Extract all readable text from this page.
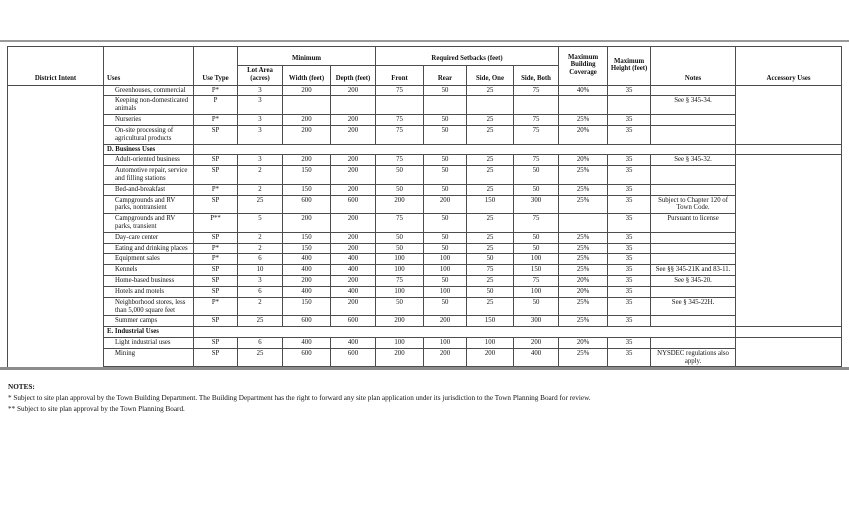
District Intent	Uses	Use Type	Minimum			Required Setbacks (feet)				Maximum Building Coverage	Maximum Height (feet)	Notes	Accessory Uses
			Lot Area (acres)	Width (feet)	Depth (feet)	Front	Rear	Side, One	Side, Both				
	Greenhouses, commercial	P*	3	200	200	75	50	25	75	40%	35		
	Keeping non-domesticated animals	P	3									See § 345-34.	
	Nurseries	P*	3	200	200	75	50	25	75	25%	35		
	On-site processing of agricultural products	SP	3	200	200	75	50	25	75	20%	35		
	D. Business Uses												
	Adult-oriented business	SP	3	200	200	75	50	25	75	20%	35	See § 345-32.	
	Automotive repair, service and filling stations	SP	2	150	200	50	50	25	50	25%	35		
	Bed-and-breakfast	P*	2	150	200	50	50	25	50	25%	35		
	Campgrounds and RV parks, nontransient	SP	25	600	600	200	200	150	300	25%	35	Subject to Chapter 120 of Town Code.	
	Campgrounds and RV parks, transient	P**	5	200	200	75	50	25	75		35	Pursuant to license	
	Day-care center	SP	2	150	200	50	50	25	50	25%	35		
	Eating and drinking places	P*	2	150	200	50	50	25	50	25%	35		
	Equipment sales	P*	6	400	400	100	100	50	100	25%	35		
	Kennels	SP	10	400	400	100	100	75	150	25%	35	See §§ 345-21K and 83-11.	
	Home-based business	SP	3	200	200	75	50	25	75	20%	35	See § 345-20.	
	Hotels and motels	SP	6	400	400	100	100	50	100	20%	35		
	Neighborhood stores, less than 5,000 square feet	P*	2	150	200	50	50	25	50	25%	35	See § 345-22H.	
	Summer camps	SP	25	600	600	200	200	150	300	25%	35		
	E. Industrial Uses												
	Light industrial uses	SP	6	400	400	100	100	100	200	20%	35		
	Mining	SP	25	600	600	200	200	200	400	25%	35	NYSDEC regulations also apply.	

NOTES:

* Subject to site plan approval by the Town Building Department. The Building Department has the right to forward any site plan application under its jurisdiction to the Town Planning Board for review.

** Subject to site plan approval by the Town Planning Board.
